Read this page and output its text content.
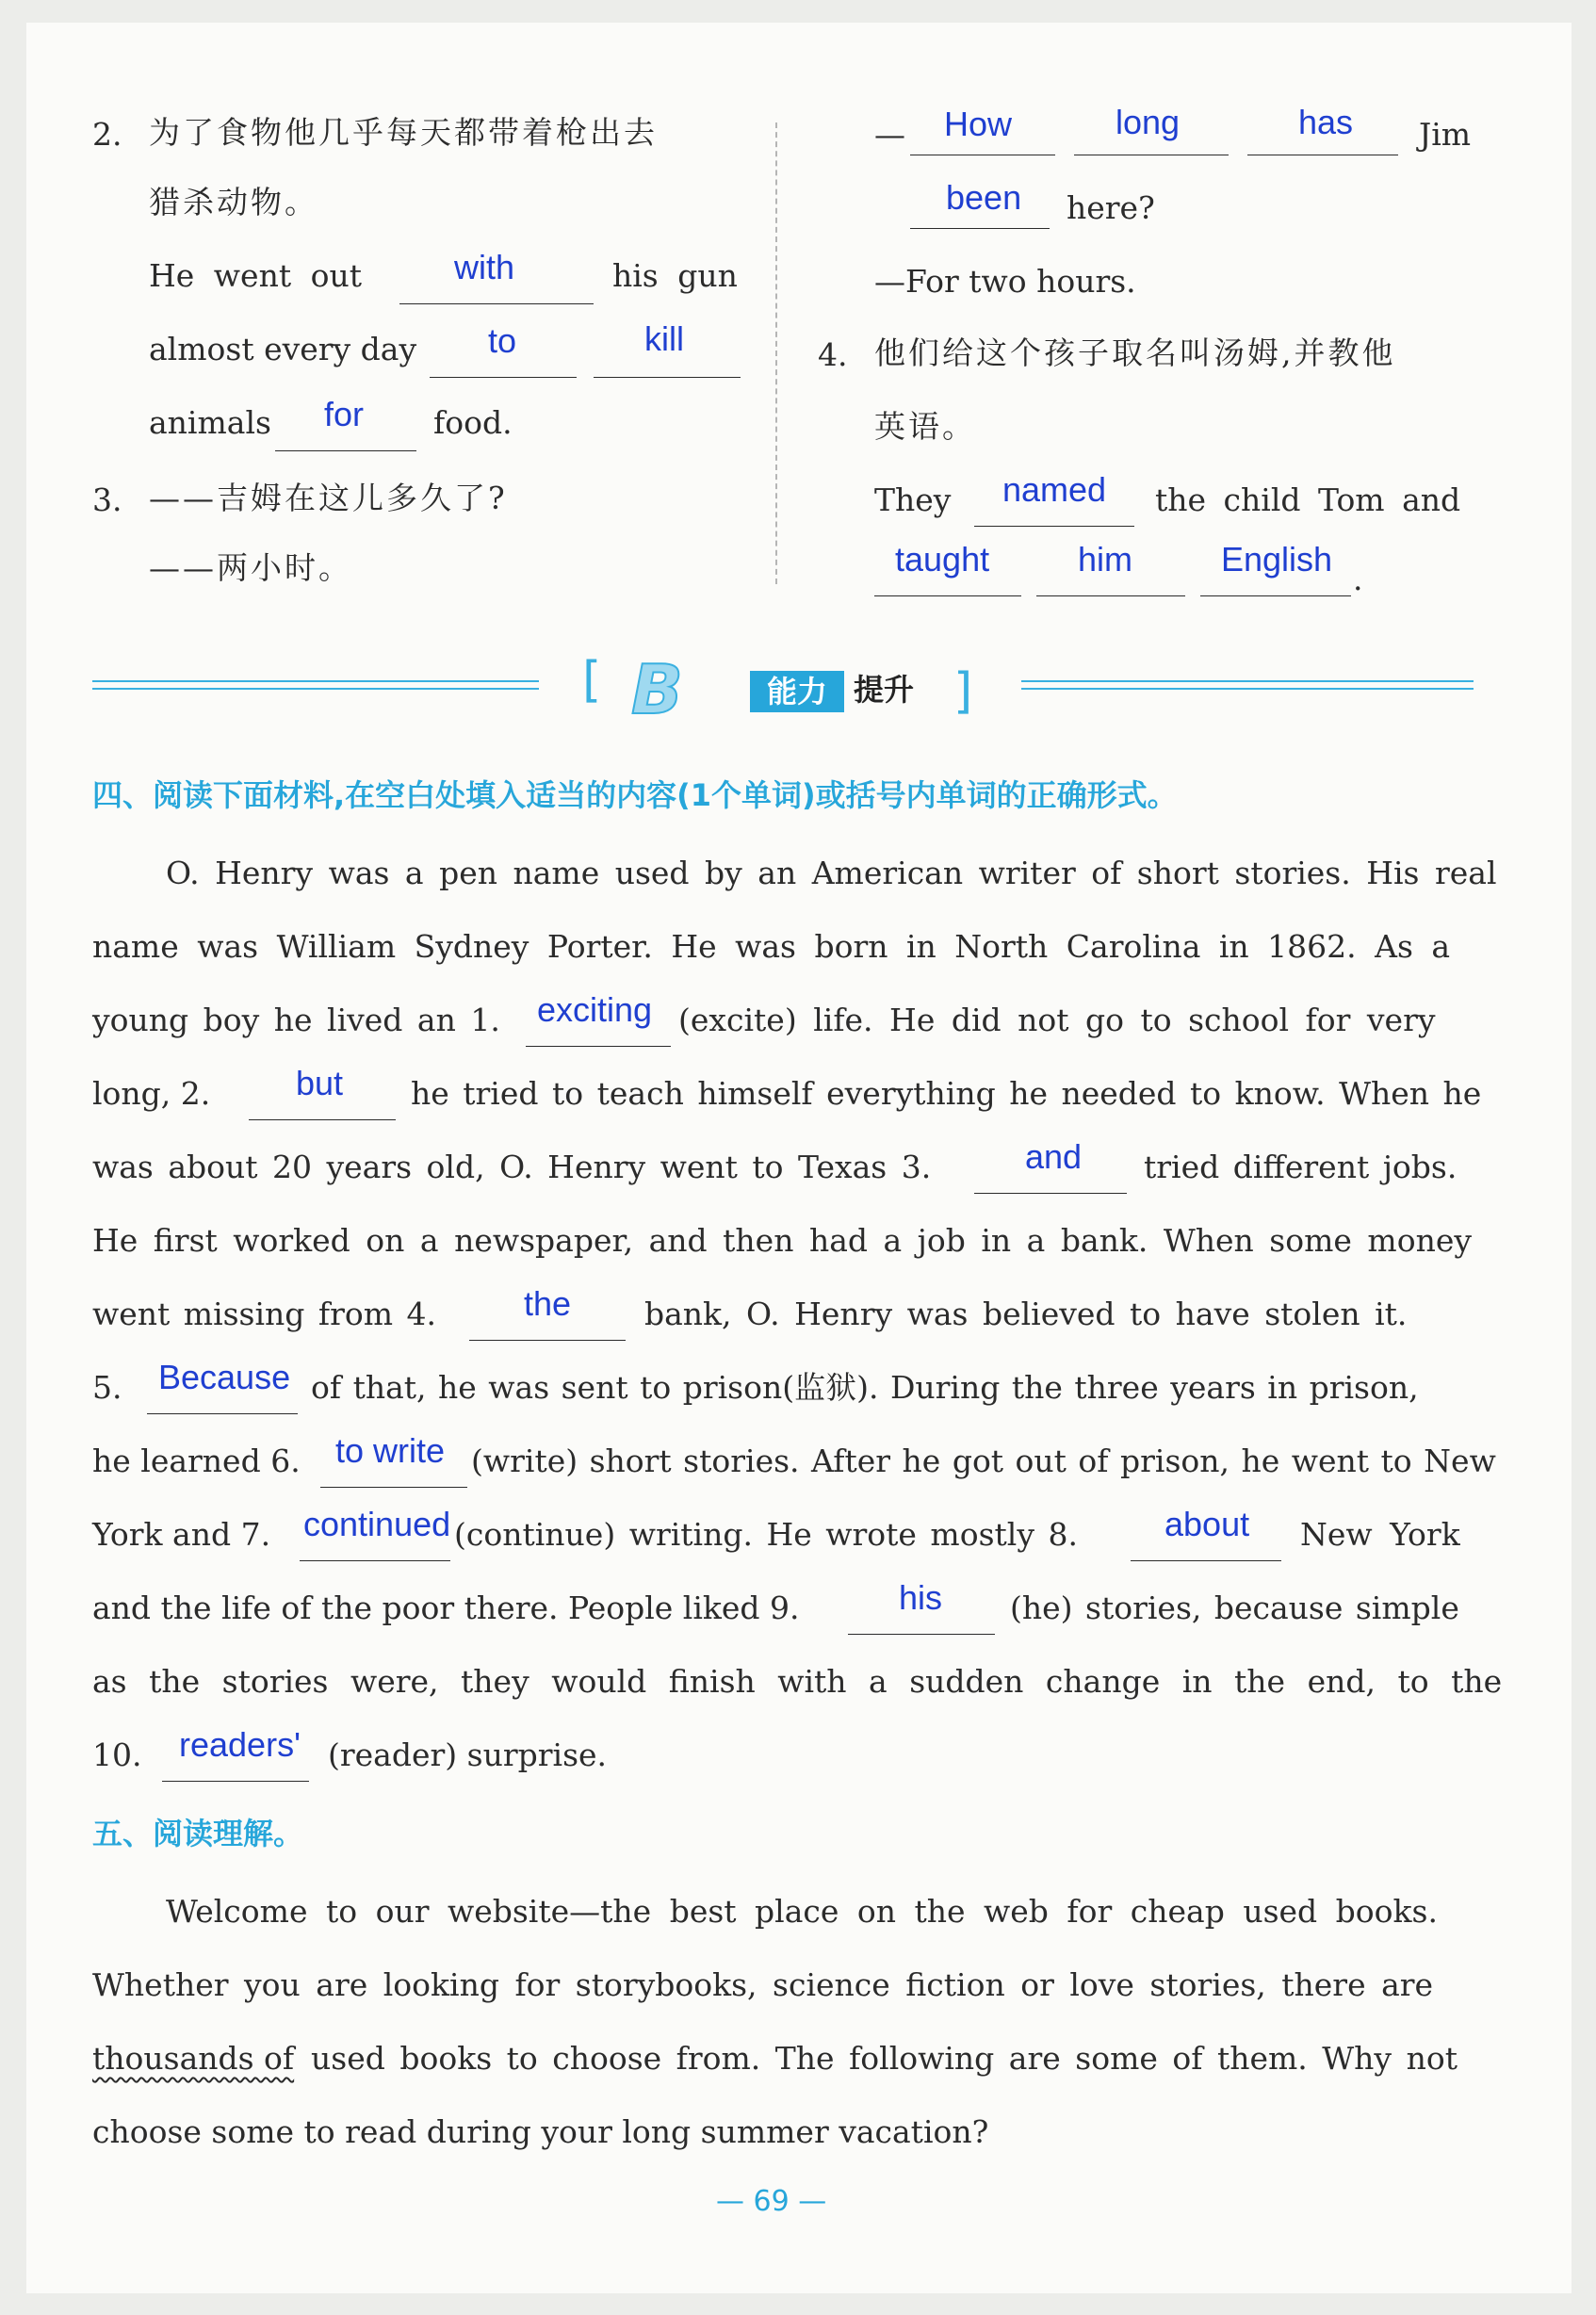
2. 为了食物他几乎每天都带着枪出去
猎杀动物。
He went out	with	his gun
almost every day to	kill
animals for food.
3. ——吉姆在这儿多久了?
——两小时。
— How	long	has Jim
been here?
—For two hours.
4. 他们给这个孩子取名叫汤姆,并教他
英语。
They named the child Tom and
taught	him	English
.
[	]
B	能力 提升
四、阅读下面材料,在空白处填入适当的内容(1个单词)或括号内单词的正确形式。
O. Henry was a pen name used by an American writer of short stories. His real
name was William Sydney Porter. He was born in North Carolina in 1862. As a
young boy he lived an 1. exciting (excite) life. He did not go to school for very
long, 2.	but he tried to teach himself everything he needed to know. When he
was about 20 years old, O. Henry went to Texas 3.	and tried different jobs.
He first worked on a newspaper, and then had a job in a bank. When some money
went missing from 4.	the bank, O. Henry was believed to have stolen it.
5. Because of that, he was sent to prison(监狱). During the three years in prison,
he learned 6. to write (write) short stories. After he got out of prison, he went to New
York and 7. continued (continue) writing. He wrote mostly 8.	about New York
and the life of the poor there. People liked 9.	his (he) stories, because simple
as the stories were, they would finish with a sudden change in the end, to the
10. readers' (reader) surprise.
五、阅读理解。
Welcome to our website—the best place on the web for cheap used books.
Whether you are looking for storybooks, science fiction or love stories, there are
thousands of used books to choose from. The following are some of them. Why not
choose some to read during your long summer vacation?
— 69 —
